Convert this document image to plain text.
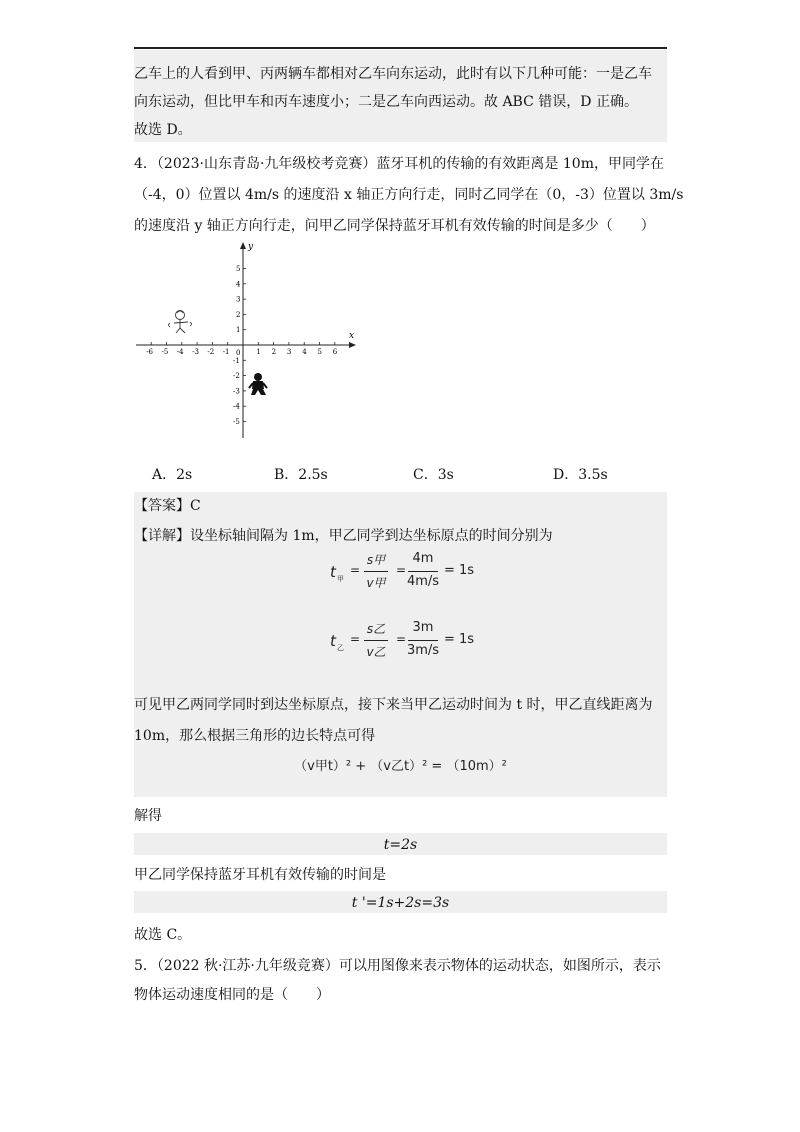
乙车上的人看到甲、丙两辆车都相对乙车向东运动，此时有以下几种可能：一是乙车
向东运动，但比甲车和丙车速度小；二是乙车向西运动。故 ABC 错误，D 正确。
故选 D。
4．（2023·山东青岛·九年级校考竞赛）蓝牙耳机的传输的有效距离是 10m，甲同学在
（-4，0）位置以 4m/s 的速度沿 x 轴正方向行走，同时乙同学在（0，-3）位置以 3m/s
的速度沿 y 轴正方向行走，问甲乙同学保持蓝牙耳机有效传输的时间是多少（　　）
x
y
0
-6 -5 -4 -3 -2 -1	1 2 3 4 5 6
5
4
3
2
1
-1
-2
-3
-4
-5
A．2s	B．2.5s	C．3s	D．3.5s
【答案】C
【详解】设坐标轴间隔为 1m，甲乙同学到达坐标原点的时间分别为
t 甲
=
s甲
v甲
=
4m
4m/s
= 1s
t 乙
=
s乙
v乙
=
3m
3m/s
= 1s
可见甲乙两同学同时到达坐标原点，接下来当甲乙运动时间为 t 时，甲乙直线距离为
10m，那么根据三角形的边长特点可得
（v甲t）² + （v乙t）² = （10m）²
解得
t=2s
甲乙同学保持蓝牙耳机有效传输的时间是
t '=1s+2s=3s
故选 C。
5．（2022 秋·江苏·九年级竞赛）可以用图像来表示物体的运动状态，如图所示，表示
物体运动速度相同的是（　　）
